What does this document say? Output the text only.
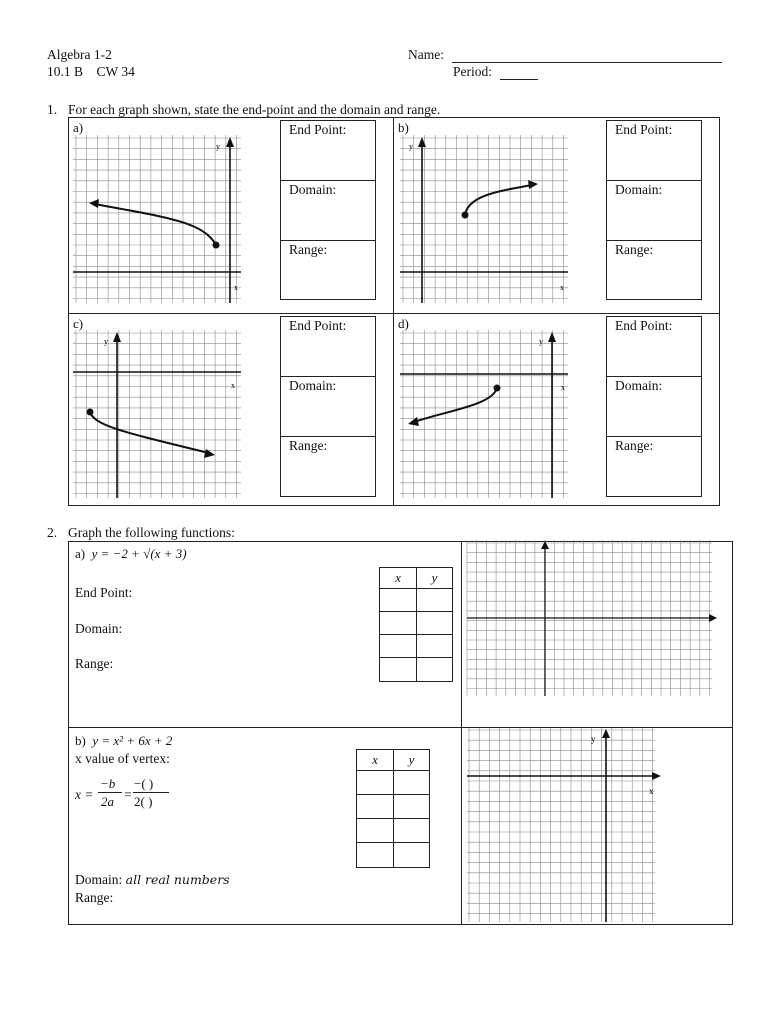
Algebra 1-2
10.1 B CW 34
Name:
Period:
1. For each graph shown, state the end-point and the domain and range.
a)	b)
c)	d)
End Point:
Domain:
Range:
End Point:
Domain:
Range:
End Point:
Domain:
Range:
End Point:
Domain:
Range:
y
x
y
x
y
x
y
x
2. Graph the following functions:
a) y = −2 + √(x + 3)
End Point:
Domain:
Range:
x	y

b) y = x² + 6x + 2
x value of vertex:
x =
−b
2a =
−( )
2( )
Domain: all real numbers
Range:
x	y

y
x
